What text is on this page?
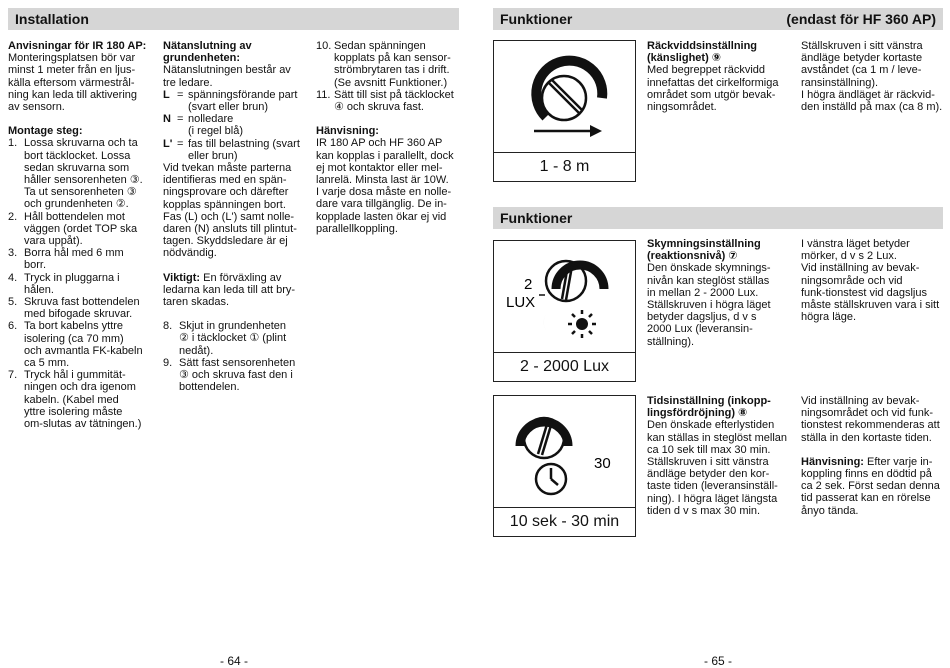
Installation

Anvisningar för IR 180 AP:

Monteringsplatsen bör var
minst 1 meter från en ljus-
källa eftersom värmestrål-
ning kan leda till aktivering
av sensorn.

Montage steg:

1. Lossa skruvarna och ta
bort täcklocket. Lossa
sedan skruvarna som
håller sensorenheten ③.
Ta ut sensorenheten ③
och grundenheten ②.
2. Håll bottendelen mot
väggen (ordet TOP ska
vara uppåt).
3. Borra hål med 6 mm
borr.
4. Tryck in pluggarna i
hålen.
5. Skruva fast bottendelen
med bifogade skruvar.
6. Ta bort kabelns yttre
isolering (ca 70 mm)
och avmantla FK-kabeln
ca 5 mm.
7. Tryck hål i gummität-
ningen och dra igenom
kabeln. (Kabel med
yttre isolering måste
om-slutas av tätningen.)
Nätanslutning av
grundenheten:
Nätanslutningen består av
tre ledare.
L = spänningsförande part
(svart eller brun)
N = nolledare
(i regel blå)
L' = fas till belastning (svart
eller brun)
Vid tvekan måste parterna
identifieras med en spän-
ningsprovare och därefter
kopplas spänningen bort.
Fas (L) och (L') samt nolle-
daren (N) ansluts till plintut-
tagen. Skyddsledare är ej
nödvändig.
Viktigt: En förväxling av
ledarna kan leda till att bry-
taren skadas.
8. Skjut in grundenheten
② i täcklocket ① (plint
nedåt).
9. Sätt fast sensorenheten
③ och skruva fast den i
bottendelen.
10. Sedan spänningen
kopplats på kan sensor-
strömbrytaren tas i drift.
(Se avsnitt Funktioner.)
11. Sätt till sist på täcklocket
④ och skruva fast.

Hänvisning:

IR 180 AP och HF 360 AP
kan kopplas i parallellt, dock
ej mot kontaktor eller mel-
lanrelä. Minsta last är 10W.
I varje dosa måste en nolle-
dare vara tillgänglig. De in-
kopplade lasten ökar ej vid
parallellkoppling.
- 64 -
Funktioner	(endast för HF 360 AP)
1 - 8 m
Räckviddsinställning
(känslighet) ⑨
Med begreppet räckvidd
innefattas det cirkelformiga
området som utgör bevak-
ningsområdet.
Ställskruven i sitt vänstra
ändläge betyder kortaste
avståndet (ca 1 m / leve-
ransinställning).
I högra ändläget är räckvid-
den inställd på max (ca 8 m).
Funktioner
2
LUX
2 - 2000 Lux
Skymningsinställning
(reaktionsnivå) ⑦
Den önskade skymnings-
nivån kan steglöst ställas
in mellan 2 - 2000 Lux.
Ställskruven i högra läget
betyder dagsljus, d v s
2000 Lux (leveransin-
ställning).
I vänstra läget betyder
mörker, d v s 2 Lux.
Vid inställning av bevak-
ningsområde och vid
funk-tionstest vid dagsljus
måste ställskruven vara i sitt
högra läge.
30
10 sek - 30 min
Tidsinställning (inkopp-
lingsfördröjning) ⑧
Den önskade efterlystiden
kan ställas in steglöst mellan
ca 10 sek till max 30 min.
Ställskruven i sitt vänstra
ändläge betyder den kor-
taste tiden (leveransinställ-
ning). I högra läget längsta
tiden d v s max 30 min.
Vid inställning av bevak-
ningsområdet och vid funk-
tionstest rekommenderas att
ställa in den kortaste tiden.
Hänvisning: Efter varje in-
koppling finns en dödtid på
ca 2 sek. Först sedan denna
tid passerat kan en rörelse
ånyo tända.
- 65 -
